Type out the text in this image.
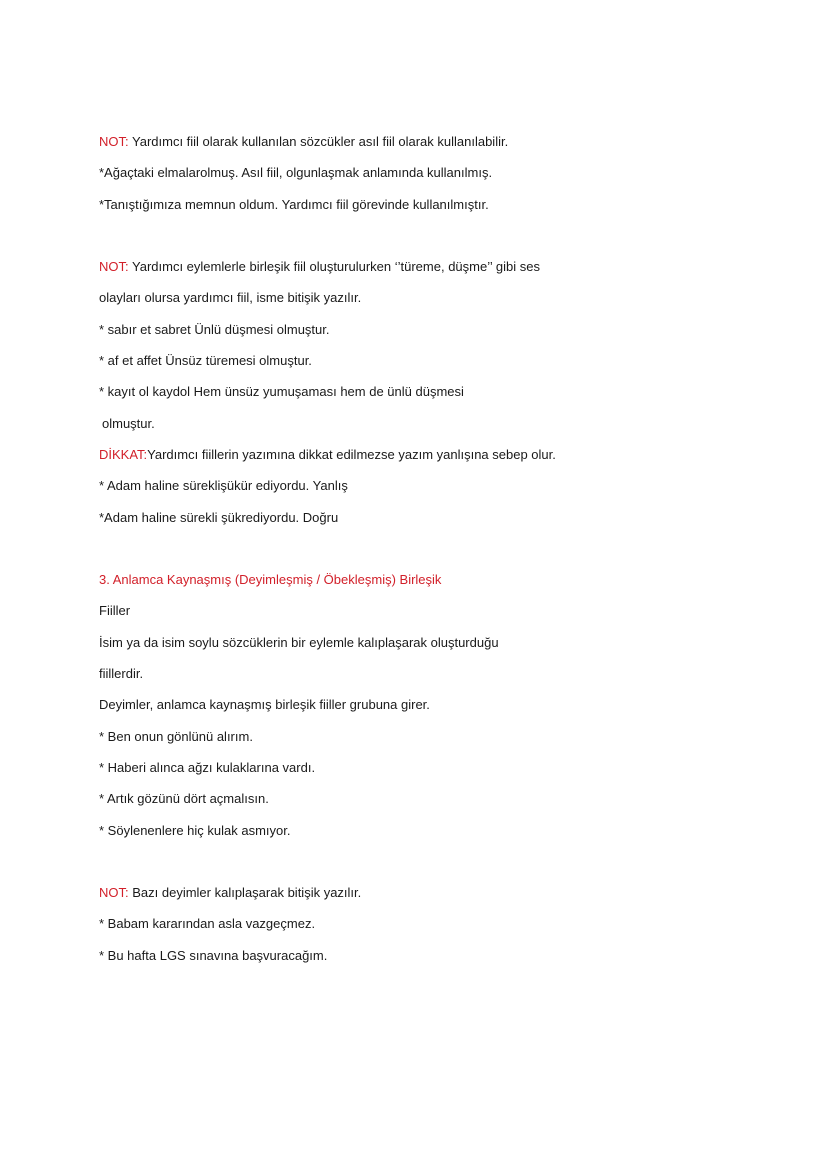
NOT: Yardımcı fiil olarak kullanılan sözcükler asıl fiil olarak kullanılabilir.
*Ağaçtaki elmalarolmuş. Asıl fiil, olgunlaşmak anlamında kullanılmış.
*Tanıştığımıza memnun oldum. Yardımcı fiil görevinde kullanılmıştır.
NOT: Yardımcı eylemlerle birleşik fiil oluşturulurken ‘’türeme, düşme’’ gibi ses
olayları olursa yardımcı fiil, isme bitişik yazılır.
* sabır et sabret Ünlü düşmesi olmuştur.
* af et affet Ünsüz türemesi olmuştur.
* kayıt ol kaydol Hem ünsüz yumuşaması hem de ünlü düşmesi
olmuştur.
DİKKAT:Yardımcı fiillerin yazımına dikkat edilmezse yazım yanlışına sebep olur.
* Adam haline süreklişükür ediyordu. Yanlış
*Adam haline sürekli şükrediyordu. Doğru
3. Anlamca Kaynaşmış (Deyimleşmiş / Öbekleşmiş) Birleşik
Fiiller
İsim ya da isim soylu sözcüklerin bir eylemle kalıplaşarak oluşturduğu
fiillerdir.
Deyimler, anlamca kaynaşmış birleşik fiiller grubuna girer.
* Ben onun gönlünü alırım.
* Haberi alınca ağzı kulaklarına vardı.
* Artık gözünü dört açmalısın.
* Söylenenlere hiç kulak asmıyor.
NOT: Bazı deyimler kalıplaşarak bitişik yazılır.
* Babam kararından asla vazgeçmez.
* Bu hafta LGS sınavına başvuracağım.
